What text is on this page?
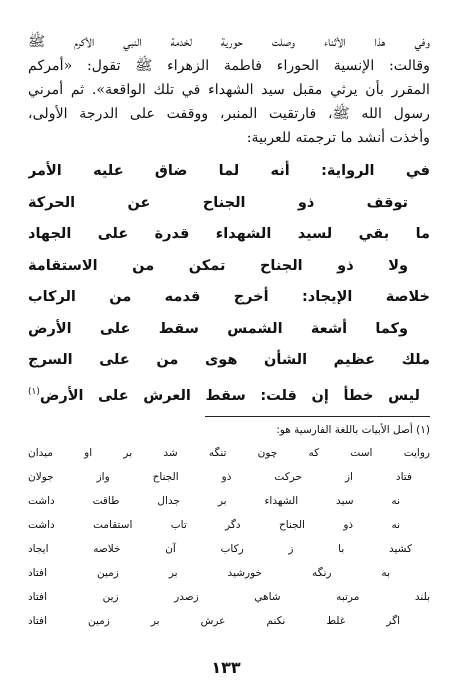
وفي هذا الأثناء وصلت حورية لخدمة النبي الأكرم ﷺ

وقالت: الإنسية الحوراء فاطمة الزهراء ﷺ تقول: «أمركم

المقرر بأن يرثي مقبل سيد الشهداء في تلك الواقعة». ثم أمرني

رسول الله ﷺ، فارتقيت المنبر، ووقفت على الدرجة الأولى،

وأخذت أنشد ما ترجمته للعربية:

في الرواية: أنه لما ضاق عليه الأمر
توقف ذو الجناح عن الحركة
ما بقي لسيد الشهداء قدرة على الجهاد
ولا ذو الجناح تمكن من الاستقامة
خلاصة الإيجاد: أخرج قدمه من الركاب
وكما أشعة الشمس سقط على الأرض
ملك عظيم الشأن هوى من على السرج
ليس خطأ إن قلت: سقط العرش على الأرض$^{(١)}$
(١) أصل الأبيات باللغة الفارسية هو:
روايت است كه چون تنگه شد بر او ميدان
فتاد از حركت ذو الجناح واز جولان
نه سيد الشهداء بر جدال طاقت داشت
نه ذو الجناح دگر تاب استقامت داشت
كشيد با ز ركاب آن خلاصه ايجاد
به رنگه خورشيد بر زمين افتاد
بلند مرتبه شاهي زصدر زين افتاد
اگر غلط نكنم عرش بر زمين افتاد
١٣٣
